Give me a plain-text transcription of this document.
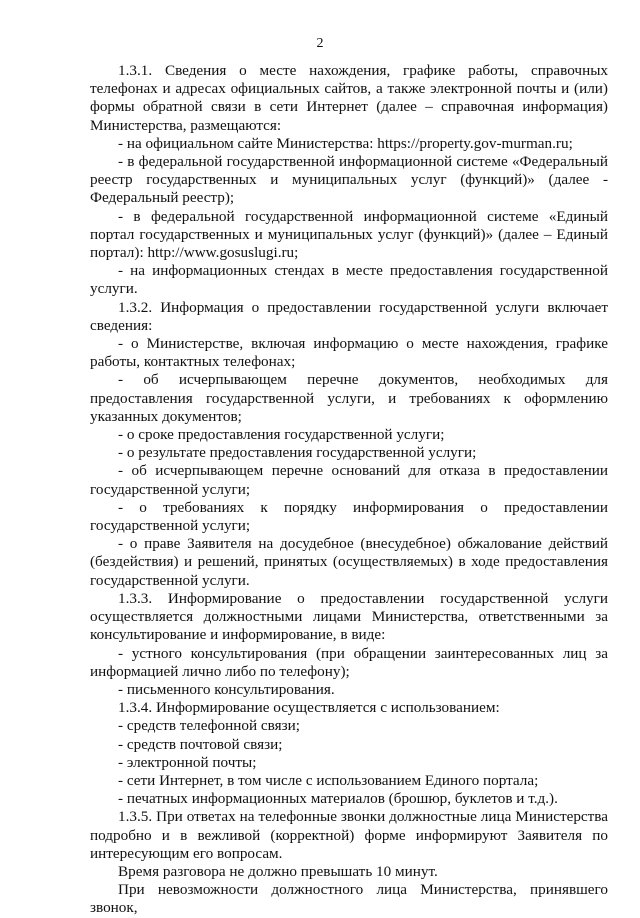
2

1.3.1. Сведения о месте нахождения, графике работы, справочных телефонах и адресах официальных сайтов, а также электронной почты и (или) формы обратной связи в сети Интернет (далее – справочная информация) Министерства, размещаются:

- на официальном сайте Министерства: https://property.gov-murman.ru;

- в федеральной государственной информационной системе «Федеральный реестр государственных и муниципальных услуг (функций)» (далее - Федеральный реестр);

- в федеральной государственной информационной системе «Единый портал государственных и муниципальных услуг (функций)» (далее – Единый портал): http://www.gosuslugi.ru;

- на информационных стендах в месте предоставления государственной услуги.

1.3.2. Информация о предоставлении государственной услуги включает сведения:

- о Министерстве, включая информацию о месте нахождения, графике работы, контактных телефонах;

- об исчерпывающем перечне документов, необходимых для предоставления государственной услуги, и требованиях к оформлению указанных документов;

- о сроке предоставления государственной услуги;

- о результате предоставления государственной услуги;

- об исчерпывающем перечне оснований для отказа в предоставлении государственной услуги;

- о требованиях к порядку информирования о предоставлении государственной услуги;

- о праве Заявителя на досудебное (внесудебное) обжалование действий (бездействия) и решений, принятых (осуществляемых) в ходе предоставления государственной услуги.

1.3.3. Информирование о предоставлении государственной услуги осуществляется должностными лицами Министерства, ответственными за консультирование и информирование, в виде:

- устного консультирования (при обращении заинтересованных лиц за информацией лично либо по телефону);

- письменного консультирования.

1.3.4. Информирование осуществляется с использованием:

- средств телефонной связи;

- средств почтовой связи;

- электронной почты;

- сети Интернет, в том числе с использованием Единого портала;

- печатных информационных материалов (брошюр, буклетов и т.д.).

1.3.5. При ответах на телефонные звонки должностные лица Министерства подробно и в вежливой (корректной) форме информируют Заявителя по интересующим его вопросам.

Время разговора не должно превышать 10 минут.

При невозможности должностного лица Министерства, принявшего звонок,
